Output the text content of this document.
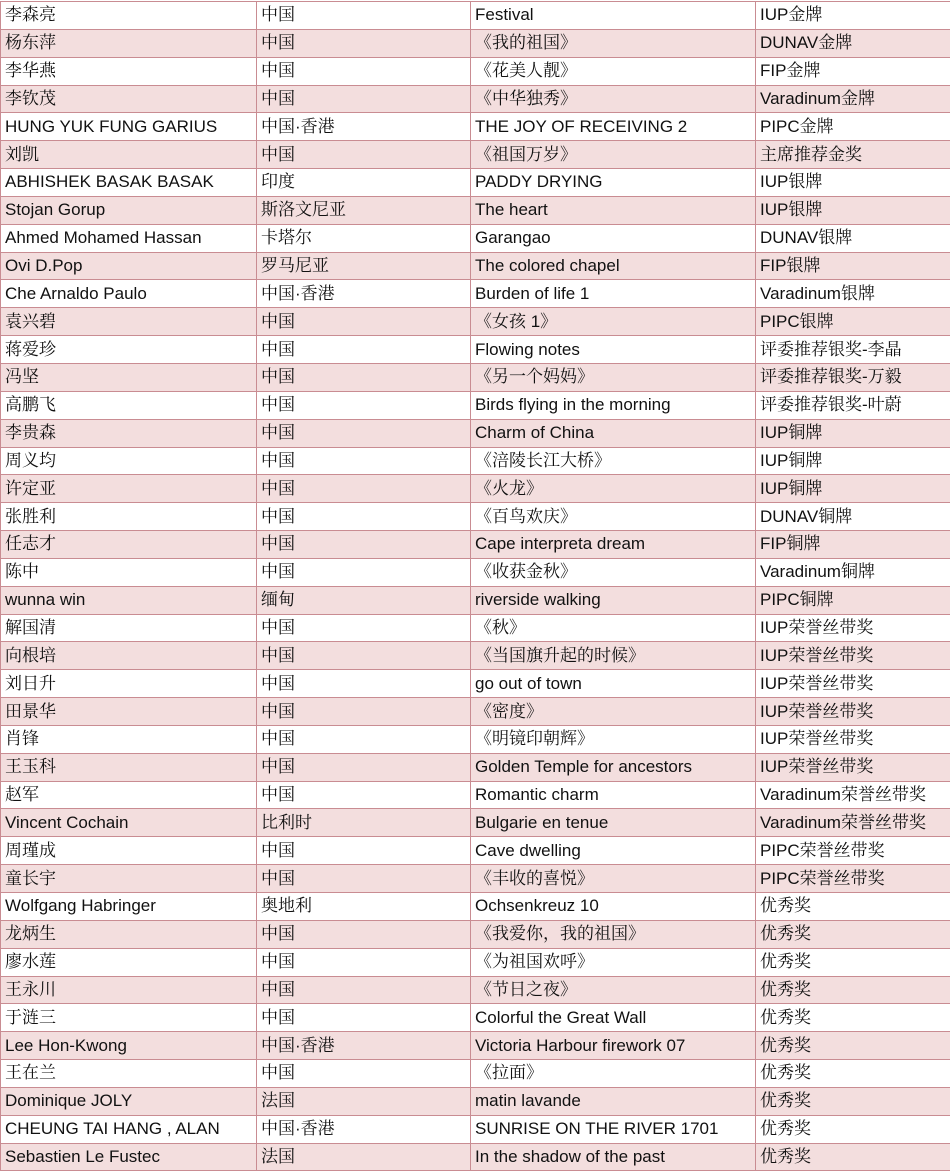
李森亮	中国	Festival	IUP金牌
杨东萍	中国	《我的祖国》	DUNAV金牌
李华燕	中国	《花美人靓》	FIP金牌
李钦茂	中国	《中华独秀》	Varadinum金牌
HUNG YUK FUNG GARIUS	中国·香港	THE JOY OF RECEIVING 2	PIPC金牌
刘凯	中国	《祖国万岁》	主席推荐金奖
ABHISHEK BASAK BASAK	印度	PADDY DRYING	IUP银牌
Stojan Gorup	斯洛文尼亚	The heart	IUP银牌
Ahmed Mohamed Hassan	卡塔尔	Garangao	DUNAV银牌
Ovi D.Pop	罗马尼亚	The colored chapel	FIP银牌
Che Arnaldo Paulo	中国·香港	Burden of life 1	Varadinum银牌
袁兴碧	中国	《女孩 1》	PIPC银牌
蒋爱珍	中国	Flowing notes	评委推荐银奖-李晶
冯坚	中国	《另一个妈妈》	评委推荐银奖-万毅
高鹏飞	中国	Birds flying in the morning	评委推荐银奖-叶蔚
李贵森	中国	Charm of China	IUP铜牌
周义均	中国	《涪陵长江大桥》	IUP铜牌
许定亚	中国	《火龙》	IUP铜牌
张胜利	中国	《百鸟欢庆》	DUNAV铜牌
任志才	中国	Cape interpreta dream	FIP铜牌
陈中	中国	《收获金秋》	Varadinum铜牌
wunna win	缅甸	riverside walking	PIPC铜牌
解国清	中国	《秋》	IUP荣誉丝带奖
向根培	中国	《当国旗升起的时候》	IUP荣誉丝带奖
刘日升	中国	go out of town	IUP荣誉丝带奖
田景华	中国	《密度》	IUP荣誉丝带奖
肖锋	中国	《明镜印朝辉》	IUP荣誉丝带奖
王玉科	中国	Golden Temple for ancestors	IUP荣誉丝带奖
赵军	中国	Romantic charm	Varadinum荣誉丝带奖
Vincent Cochain	比利时	Bulgarie en tenue	Varadinum荣誉丝带奖
周瑾成	中国	Cave dwelling	PIPC荣誉丝带奖
童长宇	中国	《丰收的喜悦》	PIPC荣誉丝带奖
Wolfgang Habringer	奥地利	Ochsenkreuz 10	优秀奖
龙炳生	中国	《我爱你，我的祖国》	优秀奖
廖水莲	中国	《为祖国欢呼》	优秀奖
王永川	中国	《节日之夜》	优秀奖
于涟三	中国	Colorful the Great Wall	优秀奖
Lee Hon-Kwong	中国·香港	Victoria Harbour firework 07	优秀奖
王在兰	中国	《拉面》	优秀奖
Dominique JOLY	法国	matin lavande	优秀奖
CHEUNG TAI HANG , ALAN	中国·香港	SUNRISE ON THE RIVER 1701	优秀奖
Sebastien Le Fustec	法国	In the shadow of the past	优秀奖
